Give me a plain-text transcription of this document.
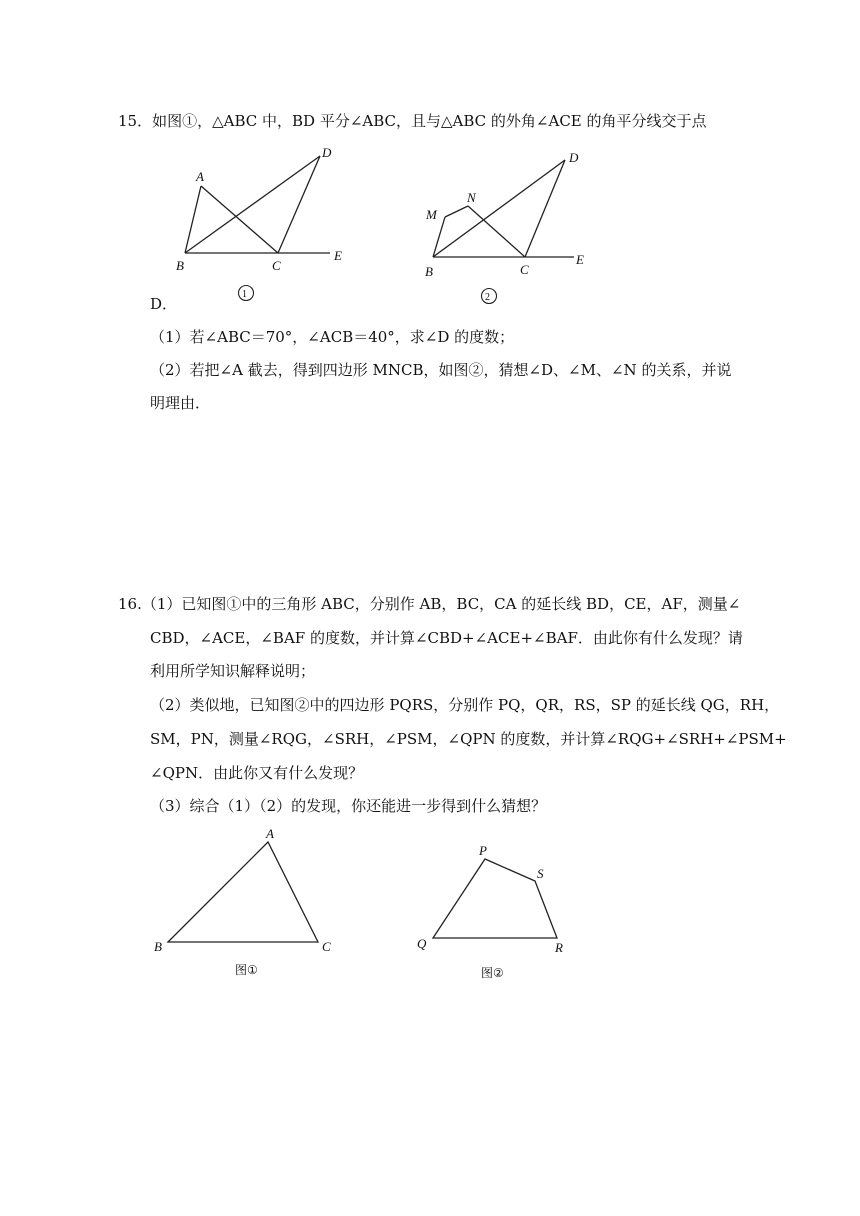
15．如图①，△ABC 中，BD 平分∠ABC，且与△ABC 的外角∠ACE 的角平分线交于点
A
B	C
D
E
1
M
N
B	C
D
E
2
D．
（1）若∠ABC＝70°，∠ACB＝40°，求∠D 的度数；
（2）若把∠A 截去，得到四边形 MNCB，如图②，猜想∠D、∠M、∠N 的关系，并说
明理由．
16.（1）已知图①中的三角形 ABC，分别作 AB，BC，CA 的延长线 BD，CE，AF，测量∠
CBD，∠ACE，∠BAF 的度数，并计算∠CBD+∠ACE+∠BAF．由此你有什么发现？请
利用所学知识解释说明；
（2）类似地，已知图②中的四边形 PQRS，分别作 PQ，QR，RS，SP 的延长线 QG，RH，
SM，PN，测量∠RQG，∠SRH，∠PSM，∠QPN 的度数，并计算∠RQG+∠SRH+∠PSM+
∠QPN．由此你又有什么发现？
（3）综合（1）（2）的发现，你还能进一步得到什么猜想？
A
B	C
图①
P
S
Q	R
图②
